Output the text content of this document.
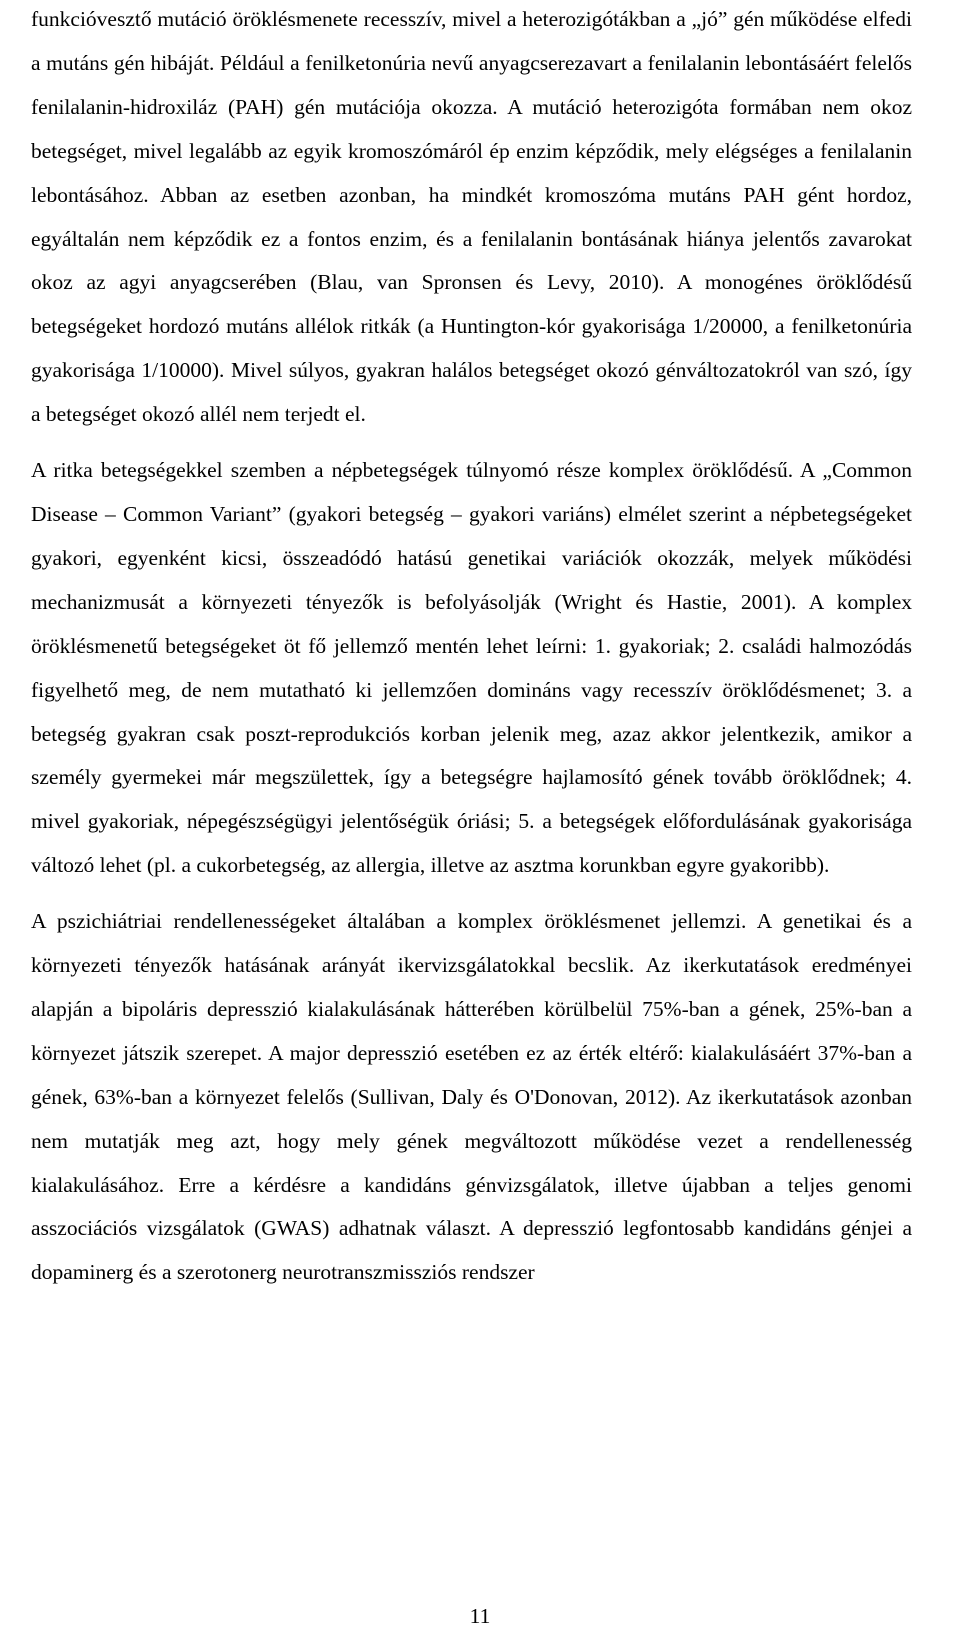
funkcióvesztő mutáció öröklésmenete recesszív, mivel a heterozigótákban a „jó” gén működése elfedi a mutáns gén hibáját. Például a fenilketonúria nevű anyagcserezavart a fenilalanin lebontásáért felelős fenilalanin-hidroxiláz (PAH) gén mutációja okozza. A mutáció heterozigóta formában nem okoz betegséget, mivel legalább az egyik kromoszómáról ép enzim képződik, mely elégséges a fenilalanin lebontásához. Abban az esetben azonban, ha mindkét kromoszóma mutáns PAH gént hordoz, egyáltalán nem képződik ez a fontos enzim, és a fenilalanin bontásának hiánya jelentős zavarokat okoz az agyi anyagcserében (Blau, van Spronsen és Levy, 2010). A monogénes öröklődésű betegségeket hordozó mutáns allélok ritkák (a Huntington-kór gyakorisága 1/20000, a fenilketonúria gyakorisága 1/10000). Mivel súlyos, gyakran halálos betegséget okozó génváltozatokról van szó, így a betegséget okozó allél nem terjedt el.

A ritka betegségekkel szemben a népbetegségek túlnyomó része komplex öröklődésű. A „Common Disease – Common Variant” (gyakori betegség – gyakori variáns) elmélet szerint a népbetegségeket gyakori, egyenként kicsi, összeadódó hatású genetikai variációk okozzák, melyek működési mechanizmusát a környezeti tényezők is befolyásolják (Wright és Hastie, 2001). A komplex öröklésmenetű betegségeket öt fő jellemző mentén lehet leírni: 1. gyakoriak; 2. családi halmozódás figyelhető meg, de nem mutatható ki jellemzően domináns vagy recesszív öröklődésmenet; 3. a betegség gyakran csak poszt-reprodukciós korban jelenik meg, azaz akkor jelentkezik, amikor a személy gyermekei már megszülettek, így a betegségre hajlamosító gének tovább öröklődnek; 4. mivel gyakoriak, népegészségügyi jelentőségük óriási; 5. a betegségek előfordulásának gyakorisága változó lehet (pl. a cukorbetegség, az allergia, illetve az asztma korunkban egyre gyakoribb).

A pszichiátriai rendellenességeket általában a komplex öröklésmenet jellemzi. A genetikai és a környezeti tényezők hatásának arányát ikervizsgálatokkal becslik. Az ikerkutatások eredményei alapján a bipoláris depresszió kialakulásának hátterében körülbelül 75%-ban a gének, 25%-ban a környezet játszik szerepet. A major depresszió esetében ez az érték eltérő: kialakulásáért 37%-ban a gének, 63%-ban a környezet felelős (Sullivan, Daly és O'Donovan, 2012). Az ikerkutatások azonban nem mutatják meg azt, hogy mely gének megváltozott működése vezet a rendellenesség kialakulásához. Erre a kérdésre a kandidáns génvizsgálatok, illetve újabban a teljes genomi asszociációs vizsgálatok (GWAS) adhatnak választ. A depresszió legfontosabb kandidáns génjei a dopaminerg és a szerotonerg neurotranszmissziós rendszer

11
